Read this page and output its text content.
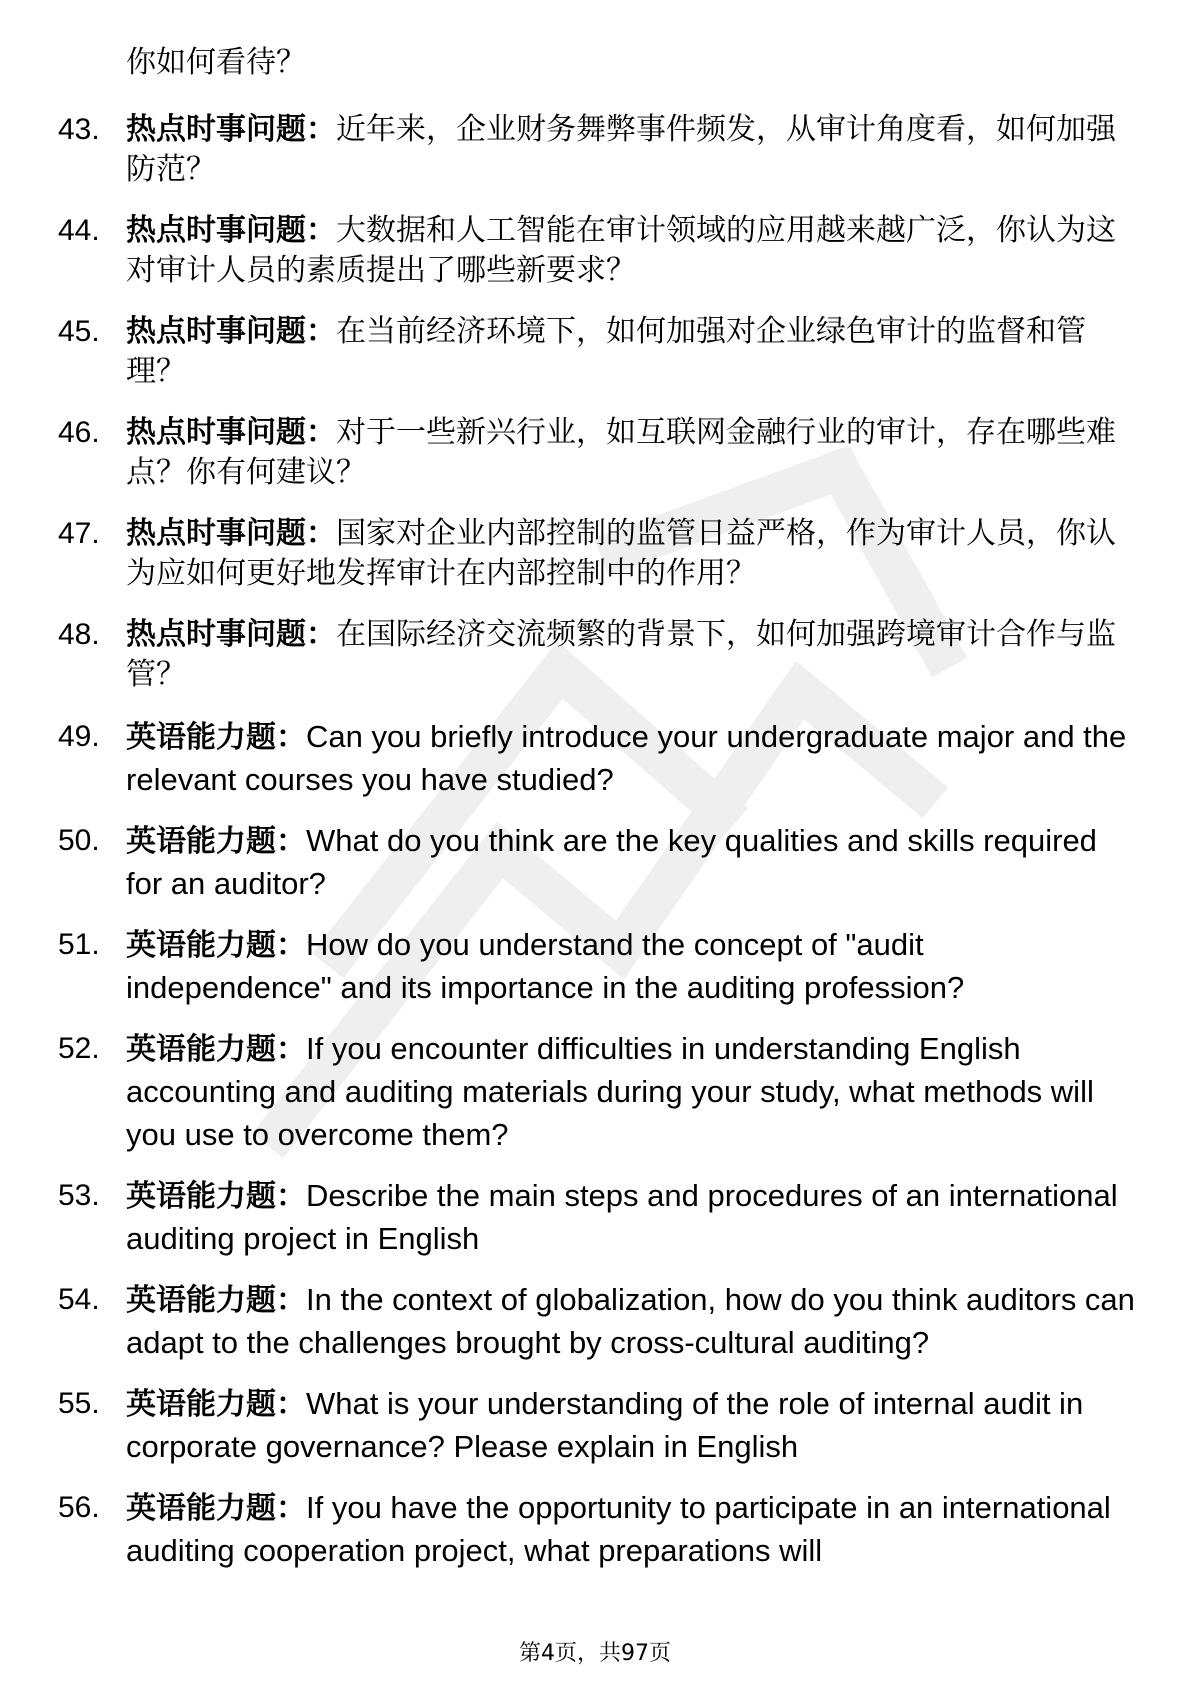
你如何看待？
43. 热点时事问题：近年来，企业财务舞弊事件频发，从审计角度看，如何加强防范？
44. 热点时事问题：大数据和人工智能在审计领域的应用越来越广泛，你认为这对审计人员的素质提出了哪些新要求？
45. 热点时事问题：在当前经济环境下，如何加强对企业绿色审计的监督和管理？
46. 热点时事问题：对于一些新兴行业，如互联网金融行业的审计，存在哪些难点？你有何建议？
47. 热点时事问题：国家对企业内部控制的监管日益严格，作为审计人员，你认为应如何更好地发挥审计在内部控制中的作用？
48. 热点时事问题：在国际经济交流频繁的背景下，如何加强跨境审计合作与监管？
49. 英语能力题：Can you briefly introduce your undergraduate major and the relevant courses you have studied?
50. 英语能力题：What do you think are the key qualities and skills required for an auditor?
51. 英语能力题：How do you understand the concept of "audit independence" and its importance in the auditing profession?
52. 英语能力题：If you encounter difficulties in understanding English accounting and auditing materials during your study, what methods will you use to overcome them?
53. 英语能力题：Describe the main steps and procedures of an international auditing project in English
54. 英语能力题：In the context of globalization, how do you think auditors can adapt to the challenges brought by cross-cultural auditing?
55. 英语能力题：What is your understanding of the role of internal audit in corporate governance? Please explain in English
56. 英语能力题：If you have the opportunity to participate in an international auditing cooperation project, what preparations will
第4页，共97页
